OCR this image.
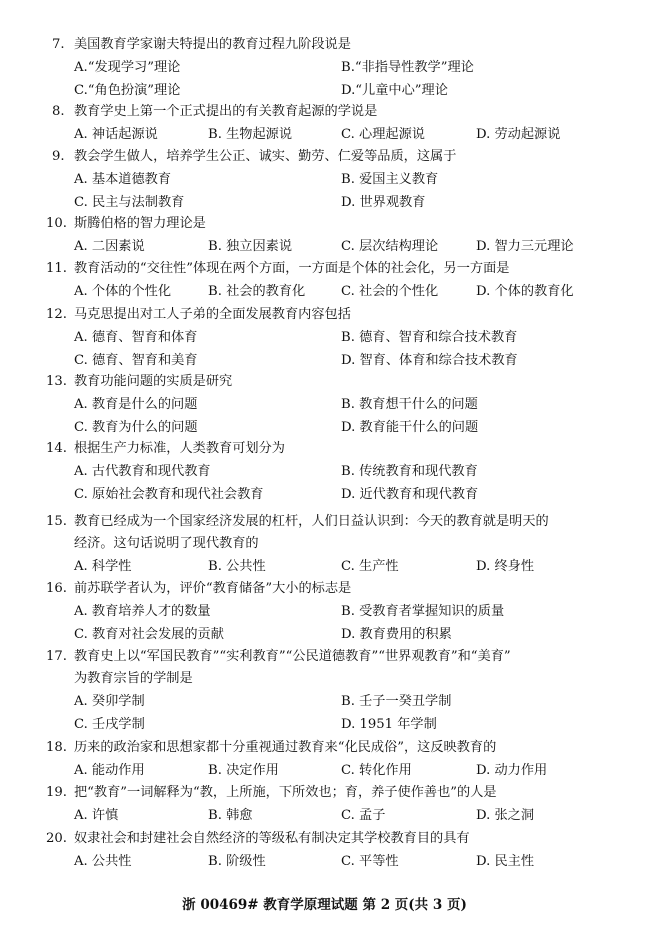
7. 美国教育学家谢夫特提出的教育过程九阶段说是
A.“发现学习”理论	B.“非指导性教学”理论
C.“角色扮演”理论	D.“儿童中心”理论
8. 教育学史上第一个正式提出的有关教育起源的学说是
A. 神话起源说	B. 生物起源说	C. 心理起源说	D. 劳动起源说
9. 教会学生做人，培养学生公正、诚实、勤劳、仁爱等品质，这属于
A. 基本道德教育	B. 爱国主义教育
C. 民主与法制教育	D. 世界观教育
10. 斯腾伯格的智力理论是
A. 二因素说	B. 独立因素说	C. 层次结构理论	D. 智力三元理论
11. 教育活动的“交往性”体现在两个方面，一方面是个体的社会化，另一方面是
A. 个体的个性化	B. 社会的教育化	C. 社会的个性化	D. 个体的教育化
12. 马克思提出对工人子弟的全面发展教育内容包括
A. 德育、智育和体育	B. 德育、智育和综合技术教育
C. 德育、智育和美育	D. 智育、体育和综合技术教育
13. 教育功能问题的实质是研究
A. 教育是什么的问题	B. 教育想干什么的问题
C. 教育为什么的问题	D. 教育能干什么的问题
14. 根据生产力标准，人类教育可划分为
A. 古代教育和现代教育	B. 传统教育和现代教育
C. 原始社会教育和现代社会教育	D. 近代教育和现代教育
15. 教育已经成为一个国家经济发展的杠杆，人们日益认识到：今天的教育就是明天的
经济。这句话说明了现代教育的
A. 科学性	B. 公共性	C. 生产性	D. 终身性
16. 前苏联学者认为，评价“教育储备”大小的标志是
A. 教育培养人才的数量	B. 受教育者掌握知识的质量
C. 教育对社会发展的贡献	D. 教育费用的积累
17. 教育史上以“军国民教育”“实利教育”“公民道德教育”“世界观教育”和“美育”
为教育宗旨的学制是
A. 癸卯学制	B. 壬子一癸丑学制
C. 壬戌学制	D. 1951 年学制
18. 历来的政治家和思想家都十分重视通过教育来“化民成俗”，这反映教育的
A. 能动作用	B. 决定作用	C. 转化作用	D. 动力作用
19. 把“教育”一词解释为“教，上所施，下所效也；育，养子使作善也”的人是
A. 许慎	B. 韩愈	C. 孟子	D. 张之洞
20. 奴隶社会和封建社会自然经济的等级私有制决定其学校教育目的具有
A. 公共性	B. 阶级性	C. 平等性	D. 民主性
浙 00469# 教育学原理试题 第 2 页(共 3 页)
